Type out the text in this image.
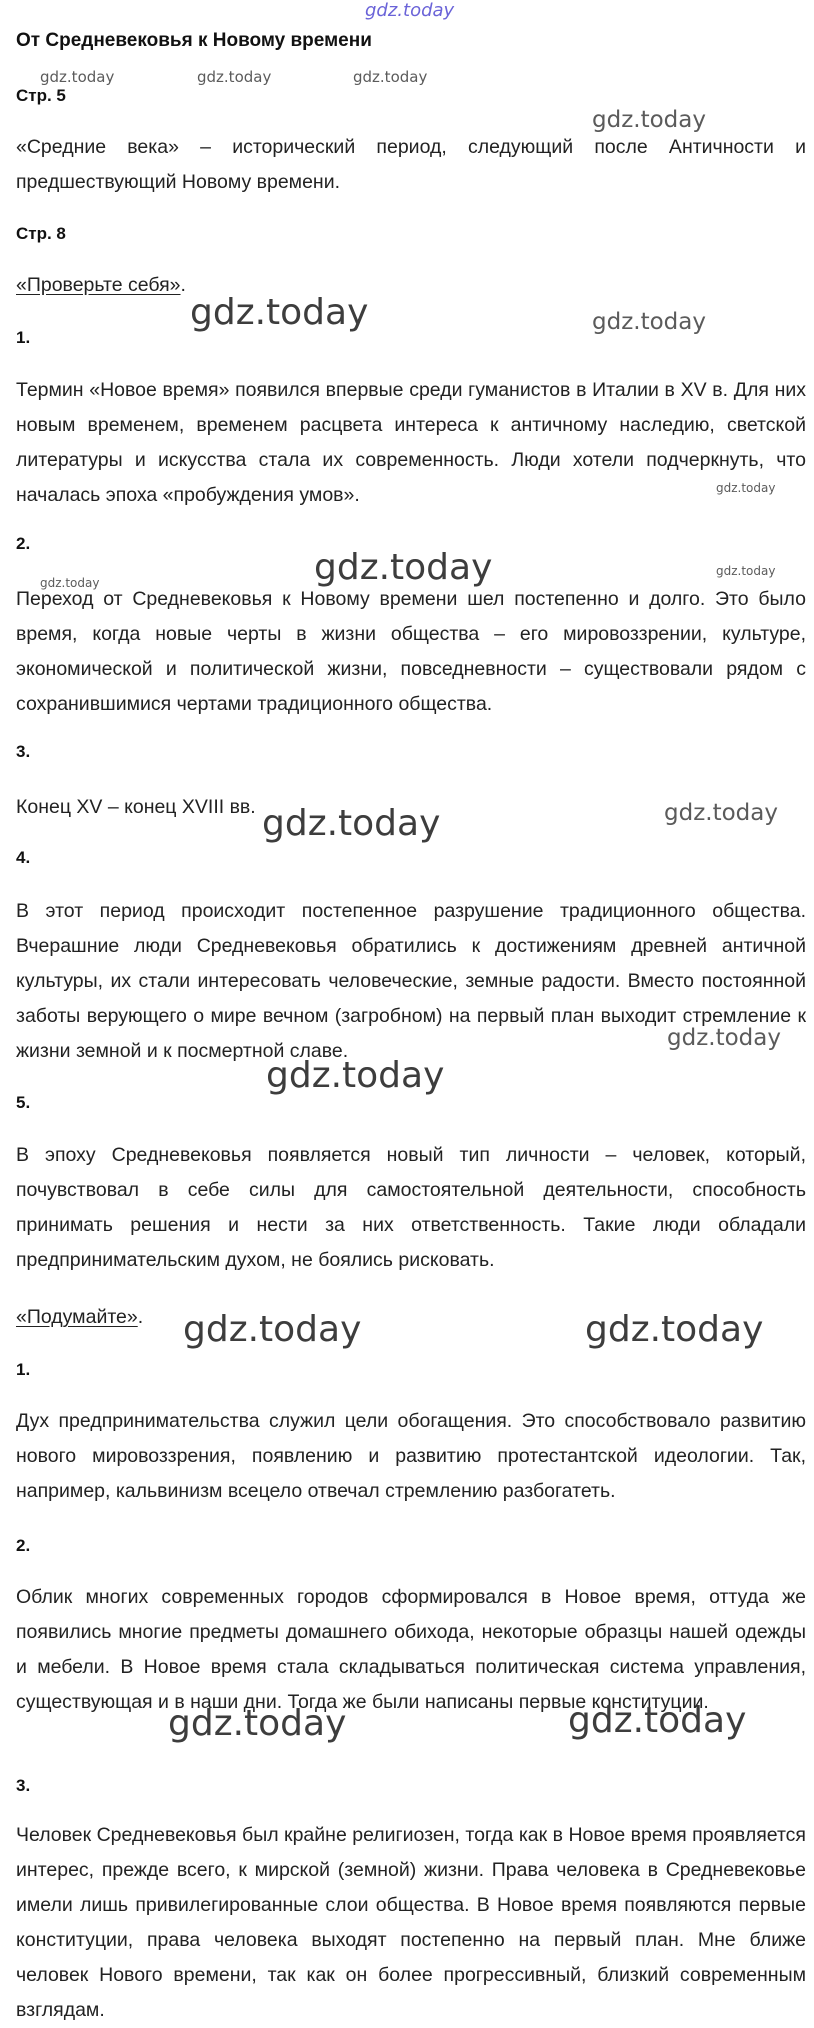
gdz.today
От Средневековья к Новому времени
gdz.today	gdz.today	gdz.today
Стр. 5
gdz.today
«Средние века» – исторический период, следующий после Античности и предшествующий Новому времени.
Стр. 8
«Проверьте себя».
gdz.today	gdz.today
1.
Термин «Новое время» появился впервые среди гуманистов в Италии в XV в. Для них новым временем, временем расцвета интереса к античному наследию, светской литературы и искусства стала их современность. Люди хотели подчеркнуть, что началась эпоха «пробуждения умов».	gdz.today
2.
gdz.today	gdz.today	gdz.today
Переход от Средневековья к Новому времени шел постепенно и долго. Это было время, когда новые черты в жизни общества – его мировоззрении, культуре, экономической и политической жизни, повседневности – существовали рядом с сохранившимися чертами традиционного общества.
3.
Конец XV – конец XVIII вв. gdz.today	gdz.today
4.
В этот период происходит постепенное разрушение традиционного общества. Вчерашние люди Средневековья обратились к достижениям древней античной культуры, их стали интересовать человеческие, земные радости. Вместо постоянной заботы верующего о мире вечном (загробном) на первый план выходит стремление к жизни земной и к посмертной славе.	gdz.today
gdz.today
5.
В эпоху Средневековья появляется новый тип личности – человек, который, почувствовал в себе силы для самостоятельной деятельности, способность принимать решения и нести за них ответственность. Такие люди обладали предпринимательским духом, не боялись рисковать.
«Подумайте». gdz.today	gdz.today
1.
Дух предпринимательства служил цели обогащения. Это способствовало развитию нового мировоззрения, появлению и развитию протестантской идеологии. Так, например, кальвинизм всецело отвечал стремлению разбогатеть.
2.
Облик многих современных городов сформировался в Новое время, оттуда же появились многие предметы домашнего обихода, некоторые образцы нашей одежды и мебели. В Новое время стала складываться политическая система управления, существующая и в наши дни. Тогда же были написаны первые конституции.
gdz.today	gdz.today
3.
Человек Средневековья был крайне религиозен, тогда как в Новое время проявляется интерес, прежде всего, к мирской (земной) жизни. Права человека в Средневековье имели лишь привилегированные слои общества. В Новое время появляются первые конституции, права человека выходят постепенно на первый план. Мне ближе человек Нового времени, так как он более прогрессивный, близкий современным взглядам.
